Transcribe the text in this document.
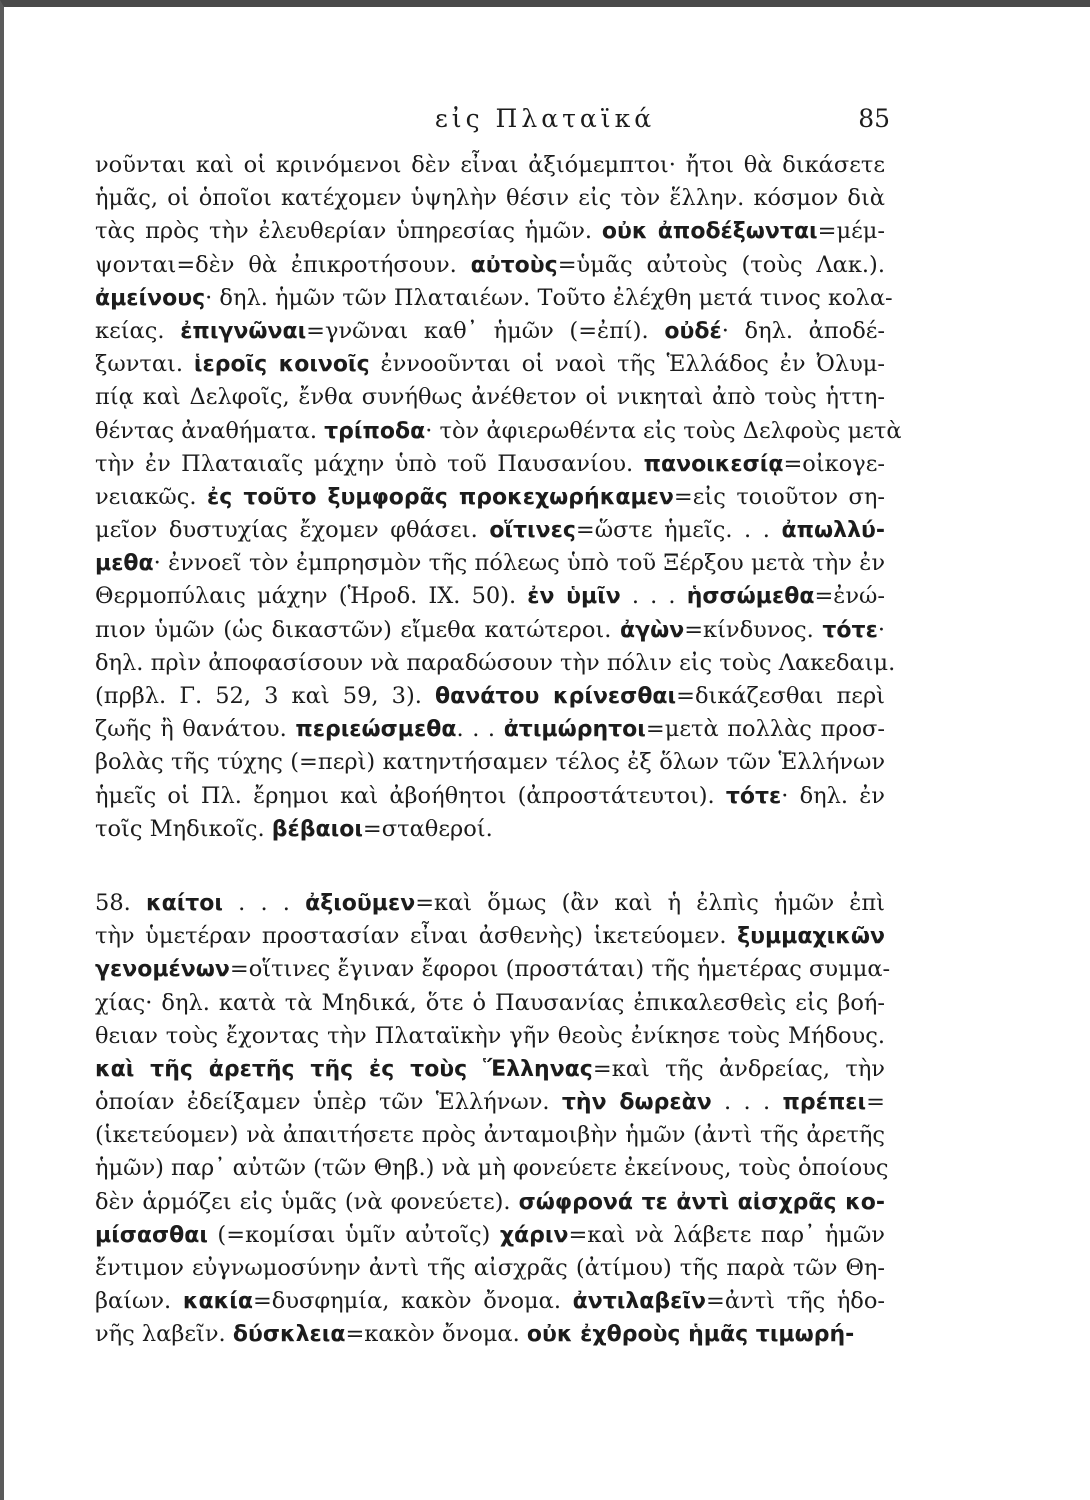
εἰς Πλαταϊκά	85
νοῦνται καὶ οἱ κρινόμενοι δὲν εἶναι ἀξιόμεμπτοι· ἤτοι θὰ δικάσετε
ἡμᾶς, οἱ ὁποῖοι κατέχομεν ὑψηλὴν θέσιν εἰς τὸν ἕλλην. κόσμον διὰ
τὰς πρὸς τὴν ἐλευθερίαν ὑπηρεσίας ἡμῶν. οὐκ ἀποδέξωνται=μέμ-
ψονται=δὲν θὰ ἐπικροτήσουν. αὐτοὺς=ὑμᾶς αὐτοὺς (τοὺς Λακ.).
ἀμείνους· δηλ. ἡμῶν τῶν Πλαταιέων. Τοῦτο ἐλέχθη μετά τινος κολα-
κείας. ἐπιγνῶναι=γνῶναι καθ᾽ ἡμῶν (=ἐπί). οὐδέ· δηλ. ἀποδέ-
ξωνται. ἱεροῖς κοινοῖς ἐννοοῦνται οἱ ναοὶ τῆς Ἑλλάδος ἐν Ὀλυμ-
πίᾳ καὶ Δελφοῖς, ἔνθα συνήθως ἀνέθετον οἱ νικηταὶ ἀπὸ τοὺς ἡττη-
θέντας ἀναθήματα. τρίποδα· τὸν ἀφιερωθέντα εἰς τοὺς Δελφοὺς μετὰ
τὴν ἐν Πλαταιαῖς μάχην ὑπὸ τοῦ Παυσανίου. πανοικεσίᾳ=οἰκογε-
νειακῶς. ἐς τοῦτο ξυμφορᾶς προκεχωρήκαμεν=εἰς τοιοῦτον ση-
μεῖον δυστυχίας ἔχομεν φθάσει. οἵτινες=ὥστε ἡμεῖς. . . ἀπωλλύ-
μεθα· ἐννοεῖ τὸν ἐμπρησμὸν τῆς πόλεως ὑπὸ τοῦ Ξέρξου μετὰ τὴν ἐν
Θερμοπύλαις μάχην (Ἡροδ. IX. 50). ἐν ὑμῖν . . . ἡσσώμεθα=ἐνώ-
πιον ὑμῶν (ὡς δικαστῶν) εἴμεθα κατώτεροι. ἀγὼν=κίνδυνος. τότε·
δηλ. πρὶν ἀποφασίσουν νὰ παραδώσουν τὴν πόλιν εἰς τοὺς Λακεδαιμ.
(πρβλ. Γ. 52, 3 καὶ 59, 3). θανάτου κρίνεσθαι=δικάζεσθαι περὶ
ζωῆς ἢ θανάτου. περιεώσμεθα. . . ἀτιμώρητοι=μετὰ πολλὰς προσ-
βολὰς τῆς τύχης (=περὶ) κατηντήσαμεν τέλος ἐξ ὅλων τῶν Ἑλλήνων
ἡμεῖς οἱ Πλ. ἔρημοι καὶ ἀβοήθητοι (ἀπροστάτευτοι). τότε· δηλ. ἐν
τοῖς Μηδικοῖς. βέβαιοι=σταθεροί.
58. καίτοι . . . ἀξιοῦμεν=καὶ ὅμως (ἂν καὶ ἡ ἐλπὶς ἡμῶν ἐπὶ
τὴν ὑμετέραν προστασίαν εἶναι ἀσθενὴς) ἱκετεύομεν. ξυμμαχικῶν
γενομένων=οἵτινες ἔγιναν ἔφοροι (προστάται) τῆς ἡμετέρας συμμα-
χίας· δηλ. κατὰ τὰ Μηδικά, ὅτε ὁ Παυσανίας ἐπικαλεσθεὶς εἰς βοή-
θειαν τοὺς ἔχοντας τὴν Πλαταϊκὴν γῆν θεοὺς ἐνίκησε τοὺς Μήδους.
καὶ τῆς ἀρετῆς τῆς ἐς τοὺς Ἕλληνας=καὶ τῆς ἀνδρείας, τὴν
ὁποίαν ἐδείξαμεν ὑπὲρ τῶν Ἑλλήνων. τὴν δωρεὰν . . . πρέπει=
(ἱκετεύομεν) νὰ ἀπαιτήσετε πρὸς ἀνταμοιβὴν ἡμῶν (ἀντὶ τῆς ἀρετῆς
ἡμῶν) παρ᾽ αὐτῶν (τῶν Θηβ.) νὰ μὴ φονεύετε ἐκείνους, τοὺς ὁποίους
δὲν ἁρμόζει εἰς ὑμᾶς (νὰ φονεύετε). σώφρονά τε ἀντὶ αἰσχρᾶς κο-
μίσασθαι (=κομίσαι ὑμῖν αὐτοῖς) χάριν=καὶ νὰ λάβετε παρ᾽ ἡμῶν
ἔντιμον εὐγνωμοσύνην ἀντὶ τῆς αἰσχρᾶς (ἀτίμου) τῆς παρὰ τῶν Θη-
βαίων. κακία=δυσφημία, κακὸν ὄνομα. ἀντιλαβεῖν=ἀντὶ τῆς ἡδο-
νῆς λαβεῖν. δύσκλεια=κακὸν ὄνομα. οὐκ ἐχθροὺς ἡμᾶς τιμωρή-
